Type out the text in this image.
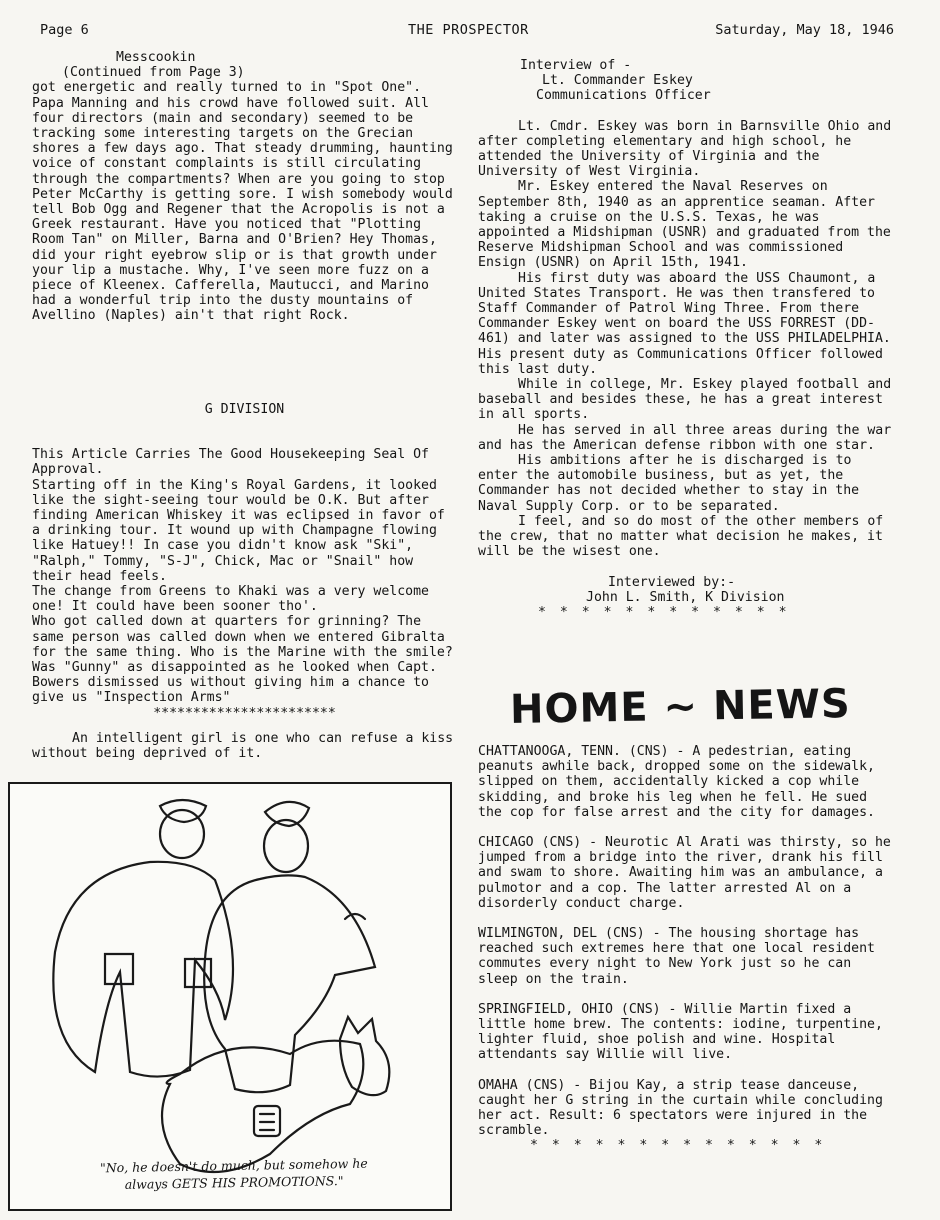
Page 6	THE PROSPECTOR	Saturday, May 18, 1946

Messcookin

(Continued from Page 3)

got energetic and really turned to in "Spot One". Papa Manning and his crowd have followed suit. All four directors (main and secondary) seemed to be tracking some interesting targets on the Grecian shores a few days ago. That steady drumming, haunting voice of constant complaints is still circulating through the compartments? When are you going to stop Peter McCarthy is getting sore. I wish somebody would tell Bob Ogg and Regener that the Acropolis is not a Greek restaurant. Have you noticed that "Plotting Room Tan" on Miller, Barna and O'Brien? Hey Thomas, did your right eyebrow slip or is that growth under your lip a mustache. Why, I've seen more fuzz on a piece of Kleenex. Cafferella, Mautucci, and Marino had a wonderful trip into the dusty mountains of Avellino (Naples) ain't that right Rock.

G DIVISION

This Article Carries The Good Housekeeping Seal Of Approval.

Starting off in the King's Royal Gardens, it looked like the sight-seeing tour would be O.K. But after finding American Whiskey it was eclipsed in favor of a drinking tour. It wound up with Champagne flowing like Hatuey!! In case you didn't know ask "Ski", "Ralph," Tommy, "S-J", Chick, Mac or "Snail" how their head feels.

The change from Greens to Khaki was a very welcome one! It could have been sooner tho'.

Who got called down at quarters for grinning? The same person was called down when we entered Gibralta for the same thing. Who is the Marine with the smile?

Was "Gunny" as disappointed as he looked when Capt. Bowers dismissed us without giving him a chance to give us "Inspection Arms"

***********************

An intelligent girl is one who can refuse a kiss without being deprived of it.

"No, he doesn't do much, but somehow he
always GETS HIS PROMOTIONS."

Interview of -

Lt. Commander Eskey

Communications Officer

Lt. Cmdr. Eskey was born in Barnsville Ohio and after completing elementary and high school, he attended the University of Virginia and the University of West Virginia.

Mr. Eskey entered the Naval Reserves on September 8th, 1940 as an apprentice seaman. After taking a cruise on the U.S.S. Texas, he was appointed a Midshipman (USNR) and graduated from the Reserve Midshipman School and was commissioned Ensign (USNR) on April 15th, 1941.

His first duty was aboard the USS Chaumont, a United States Transport. He was then transfered to Staff Commander of Patrol Wing Three. From there Commander Eskey went on board the USS FORREST (DD-461) and later was assigned to the USS PHILADELPHIA. His present duty as Communications Officer followed this last duty.

While in college, Mr. Eskey played football and baseball and besides these, he has a great interest in all sports.

He has served in all three areas during the war and has the American defense ribbon with one star.

His ambitions after he is discharged is to enter the automobile business, but as yet, the Commander has not decided whether to stay in the Naval Supply Corp. or to be separated.

I feel, and so do most of the other members of the crew, that no matter what decision he makes, it will be the wisest one.

Interviewed by:-

John L. Smith, K Division

* * * * * * * * * * * *

HOME ~ NEWS

CHATTANOOGA, TENN. (CNS) - A pedestrian, eating peanuts awhile back, dropped some on the sidewalk, slipped on them, accidentally kicked a cop while skidding, and broke his leg when he fell. He sued the cop for false arrest and the city for damages.

CHICAGO (CNS) - Neurotic Al Arati was thirsty, so he jumped from a bridge into the river, drank his fill and swam to shore. Awaiting him was an ambulance, a pulmotor and a cop. The latter arrested Al on a disorderly conduct charge.

WILMINGTON, DEL (CNS) - The housing shortage has reached such extremes here that one local resident commutes every night to New York just so he can sleep on the train.

SPRINGFIELD, OHIO (CNS) - Willie Martin fixed a little home brew. The contents: iodine, turpentine, lighter fluid, shoe polish and wine. Hospital attendants say Willie will live.

OMAHA (CNS) - Bijou Kay, a strip tease danceuse, caught her G string in the curtain while concluding her act. Result: 6 spectators were injured in the scramble.

* * * * * * * * * * * * * *
